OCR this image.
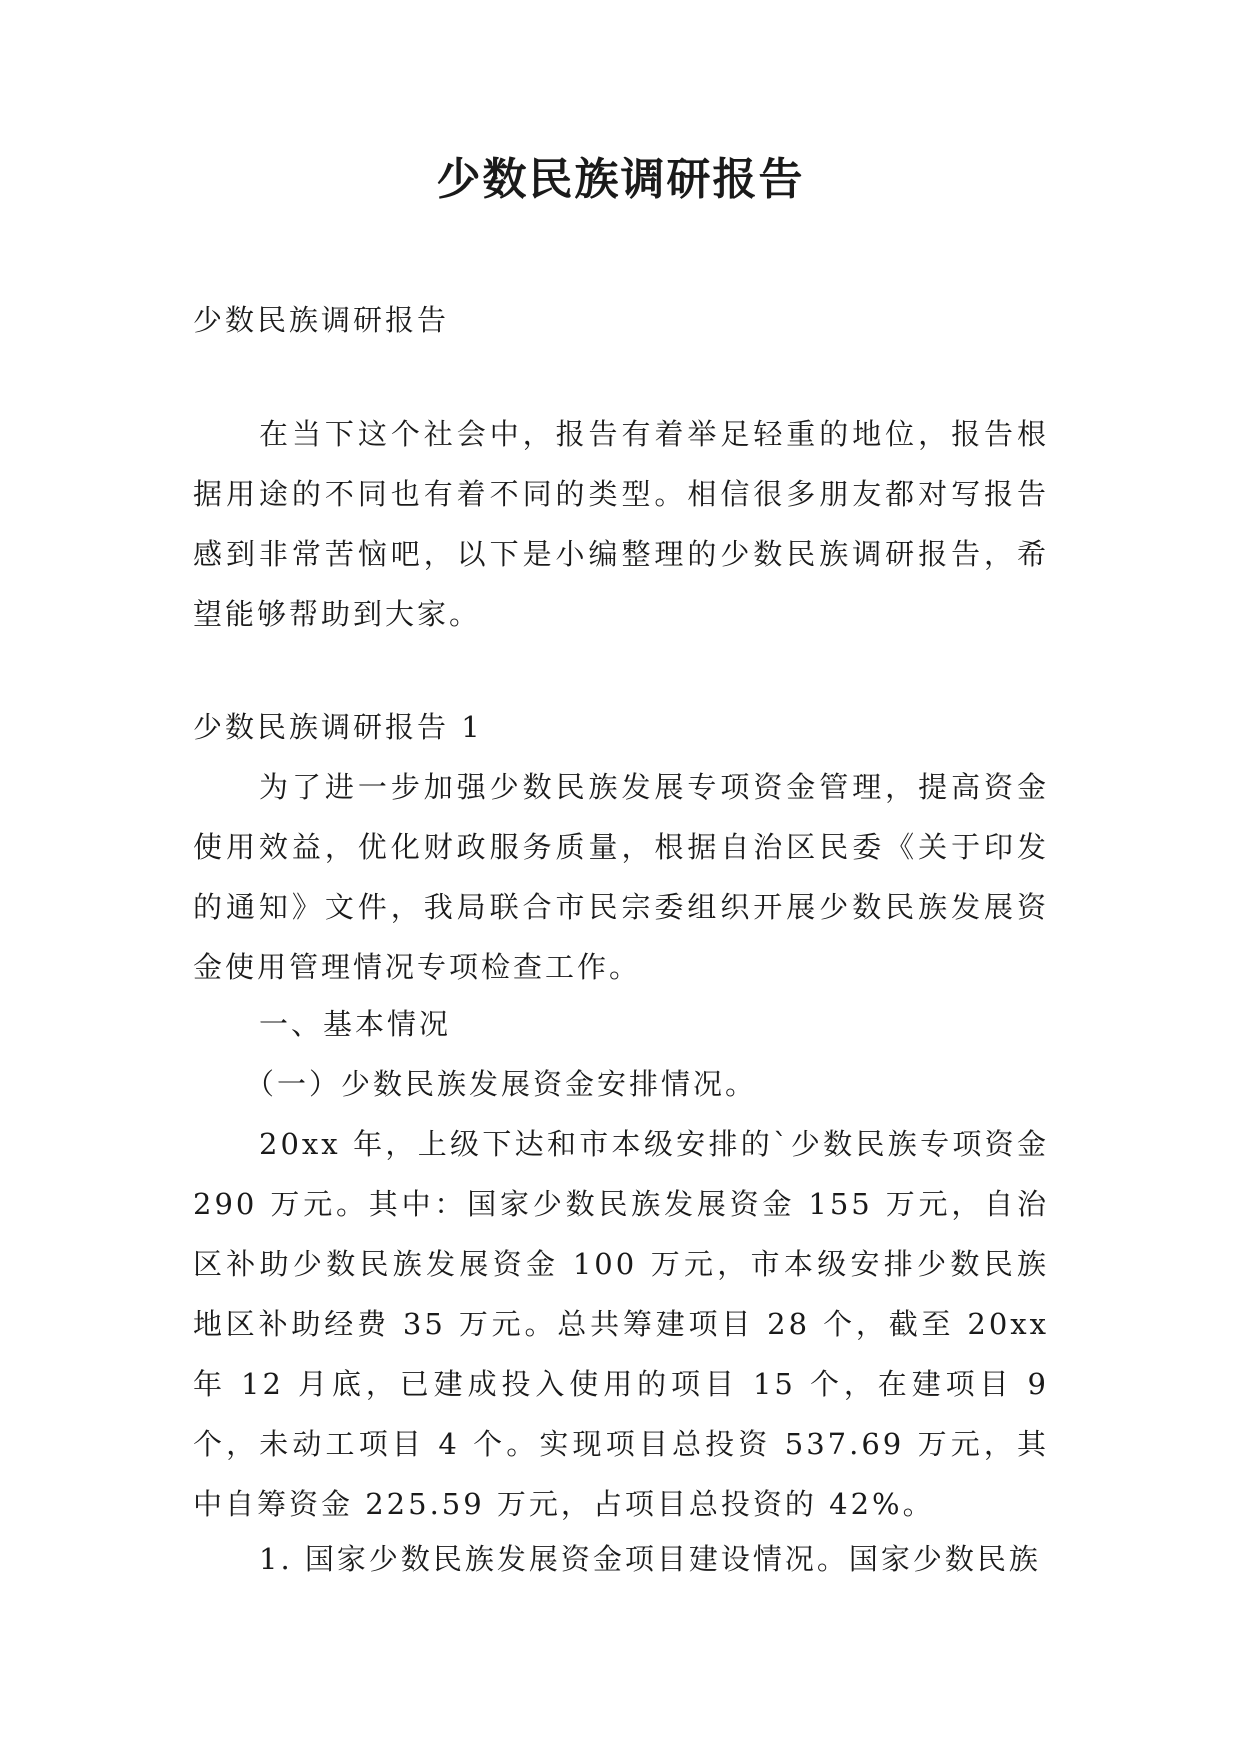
少数民族调研报告

少数民族调研报告

在当下这个社会中，报告有着举足轻重的地位，报告根据用途的不同也有着不同的类型。相信很多朋友都对写报告感到非常苦恼吧，以下是小编整理的少数民族调研报告，希望能够帮助到大家。

少数民族调研报告 1

为了进一步加强少数民族发展专项资金管理，提高资金使用效益，优化财政服务质量，根据自治区民委《关于印发的通知》文件，我局联合市民宗委组织开展少数民族发展资金使用管理情况专项检查工作。

一、基本情况

（一）少数民族发展资金安排情况。

20xx 年，上级下达和市本级安排的`少数民族专项资金 290 万元。其中：国家少数民族发展资金 155 万元，自治区补助少数民族发展资金 100 万元，市本级安排少数民族地区补助经费 35 万元。总共筹建项目 28 个，截至 20xx 年 12 月底，已建成投入使用的项目 15 个，在建项目 9 个，未动工项目 4 个。实现项目总投资 537.69 万元，其中自筹资金 225.59 万元，占项目总投资的 42%。

1. 国家少数民族发展资金项目建设情况。国家少数民族
